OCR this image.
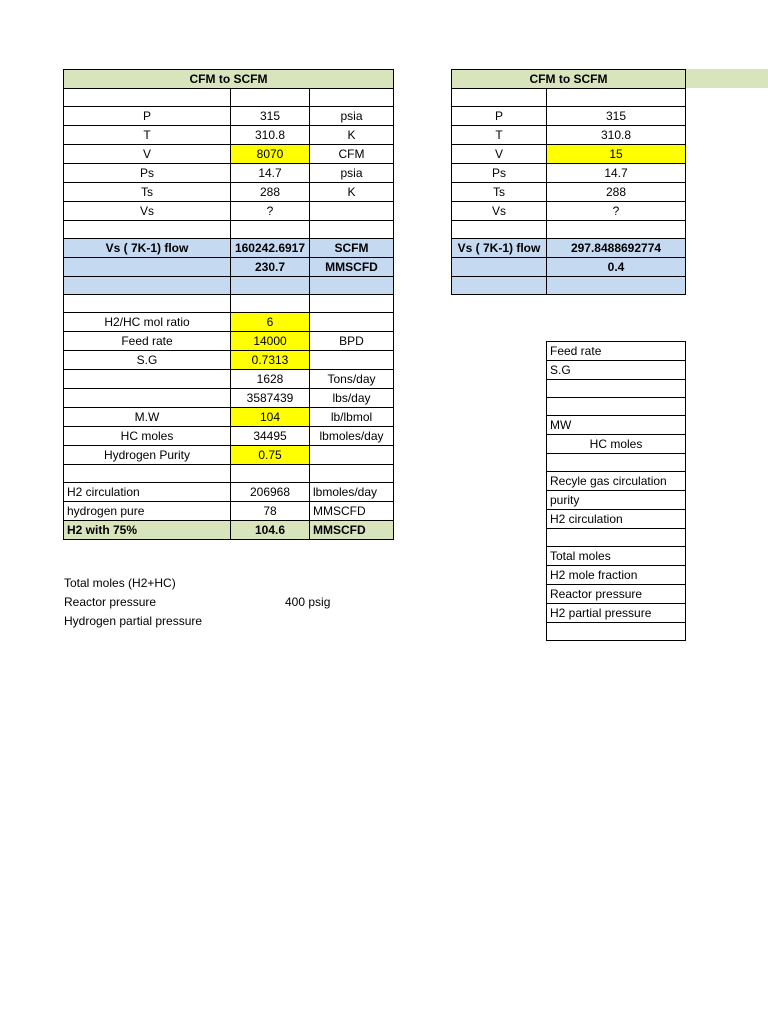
CFM to SCFM		

P	315	psia
T	310.8	K
V	8070	CFM
Ps	14.7	psia
Ts	288	K
Vs	?	

Vs ( 7K-1) flow	160242.6917	SCFM
	230.7	MMSCFD

H2/HC mol ratio	6	
Feed rate	14000	BPD
S.G	0.7313	
	1628	Tons/day
	3587439	lbs/day
M.W	104	lb/lbmol
HC moles	34495	lbmoles/day
Hydrogen Purity	0.75	

H2 circulation	206968	lbmoles/day
hydrogen pure	78	MMSCFD
H2 with 75%	104.6	MMSCFD
Total moles (H2+HC)
Reactor pressure	400 psig
Hydrogen partial pressure
CFM to SCFM	

P	315
T	310.8
V	15
Ps	14.7
Ts	288
Vs	?

Vs ( 7K-1) flow	297.8488692774
	0.4

Feed rate
S.G

MW
HC moles

Recyle gas circulation
purity
H2 circulation

Total moles
H2 mole fraction
Reactor pressure
H2 partial pressure
